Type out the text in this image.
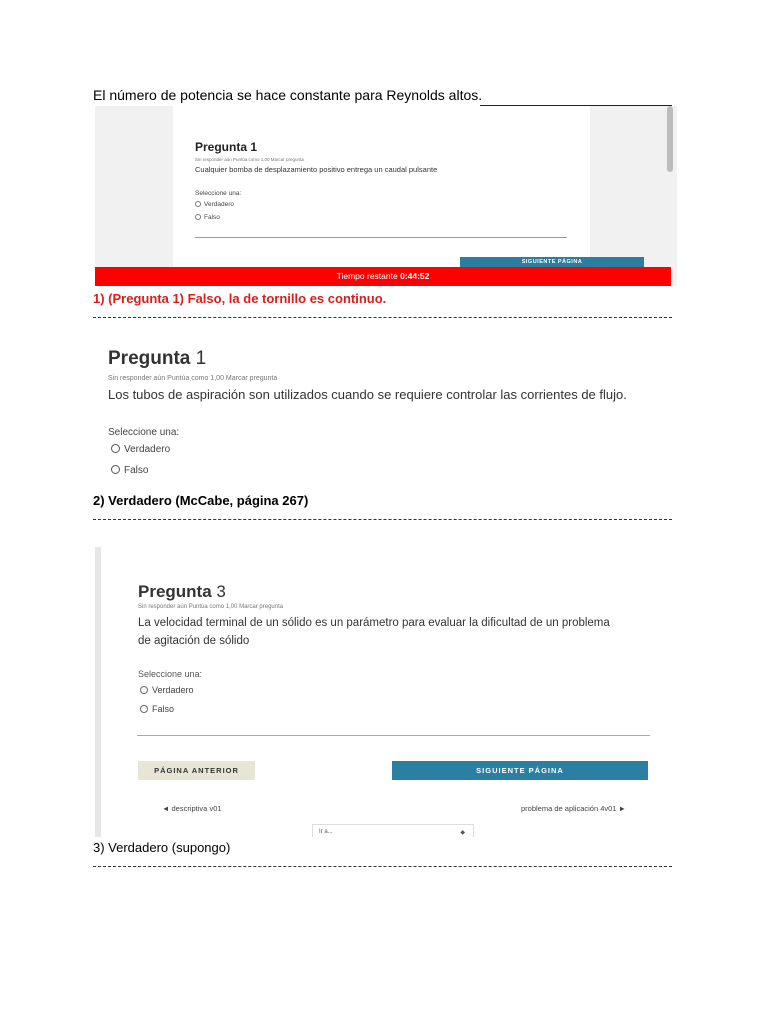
El número de potencia se hace constante para Reynolds altos.
Pregunta 1
Sin responder aún Puntúa como 1,00 Marcar pregunta
Cualquier bomba de desplazamiento positivo entrega un caudal pulsante
Seleccione una:
Verdadero
Falso
SIGUIENTE PÁGINA
Tiempo restante 0:44:52
1) (Pregunta 1) Falso, la de tornillo es continuo.
Pregunta 1
Sin responder aún Puntúa como 1,00 Marcar pregunta
Los tubos de aspiración son utilizados cuando se requiere controlar las corrientes de flujo.
Seleccione una:
Verdadero
Falso
2) Verdadero (McCabe, página 267)
Pregunta 3
Sin responder aún Puntúa como 1,00 Marcar pregunta
La velocidad terminal de un sólido es un parámetro para evaluar la dificultad de un problema de agitación de sólido
Seleccione una:
Verdadero
Falso
PÁGINA ANTERIOR	SIGUIENTE PÁGINA
◄ descriptiva v01	problema de aplicación 4v01 ►
Ir a...	◆
3) Verdadero (supongo)
